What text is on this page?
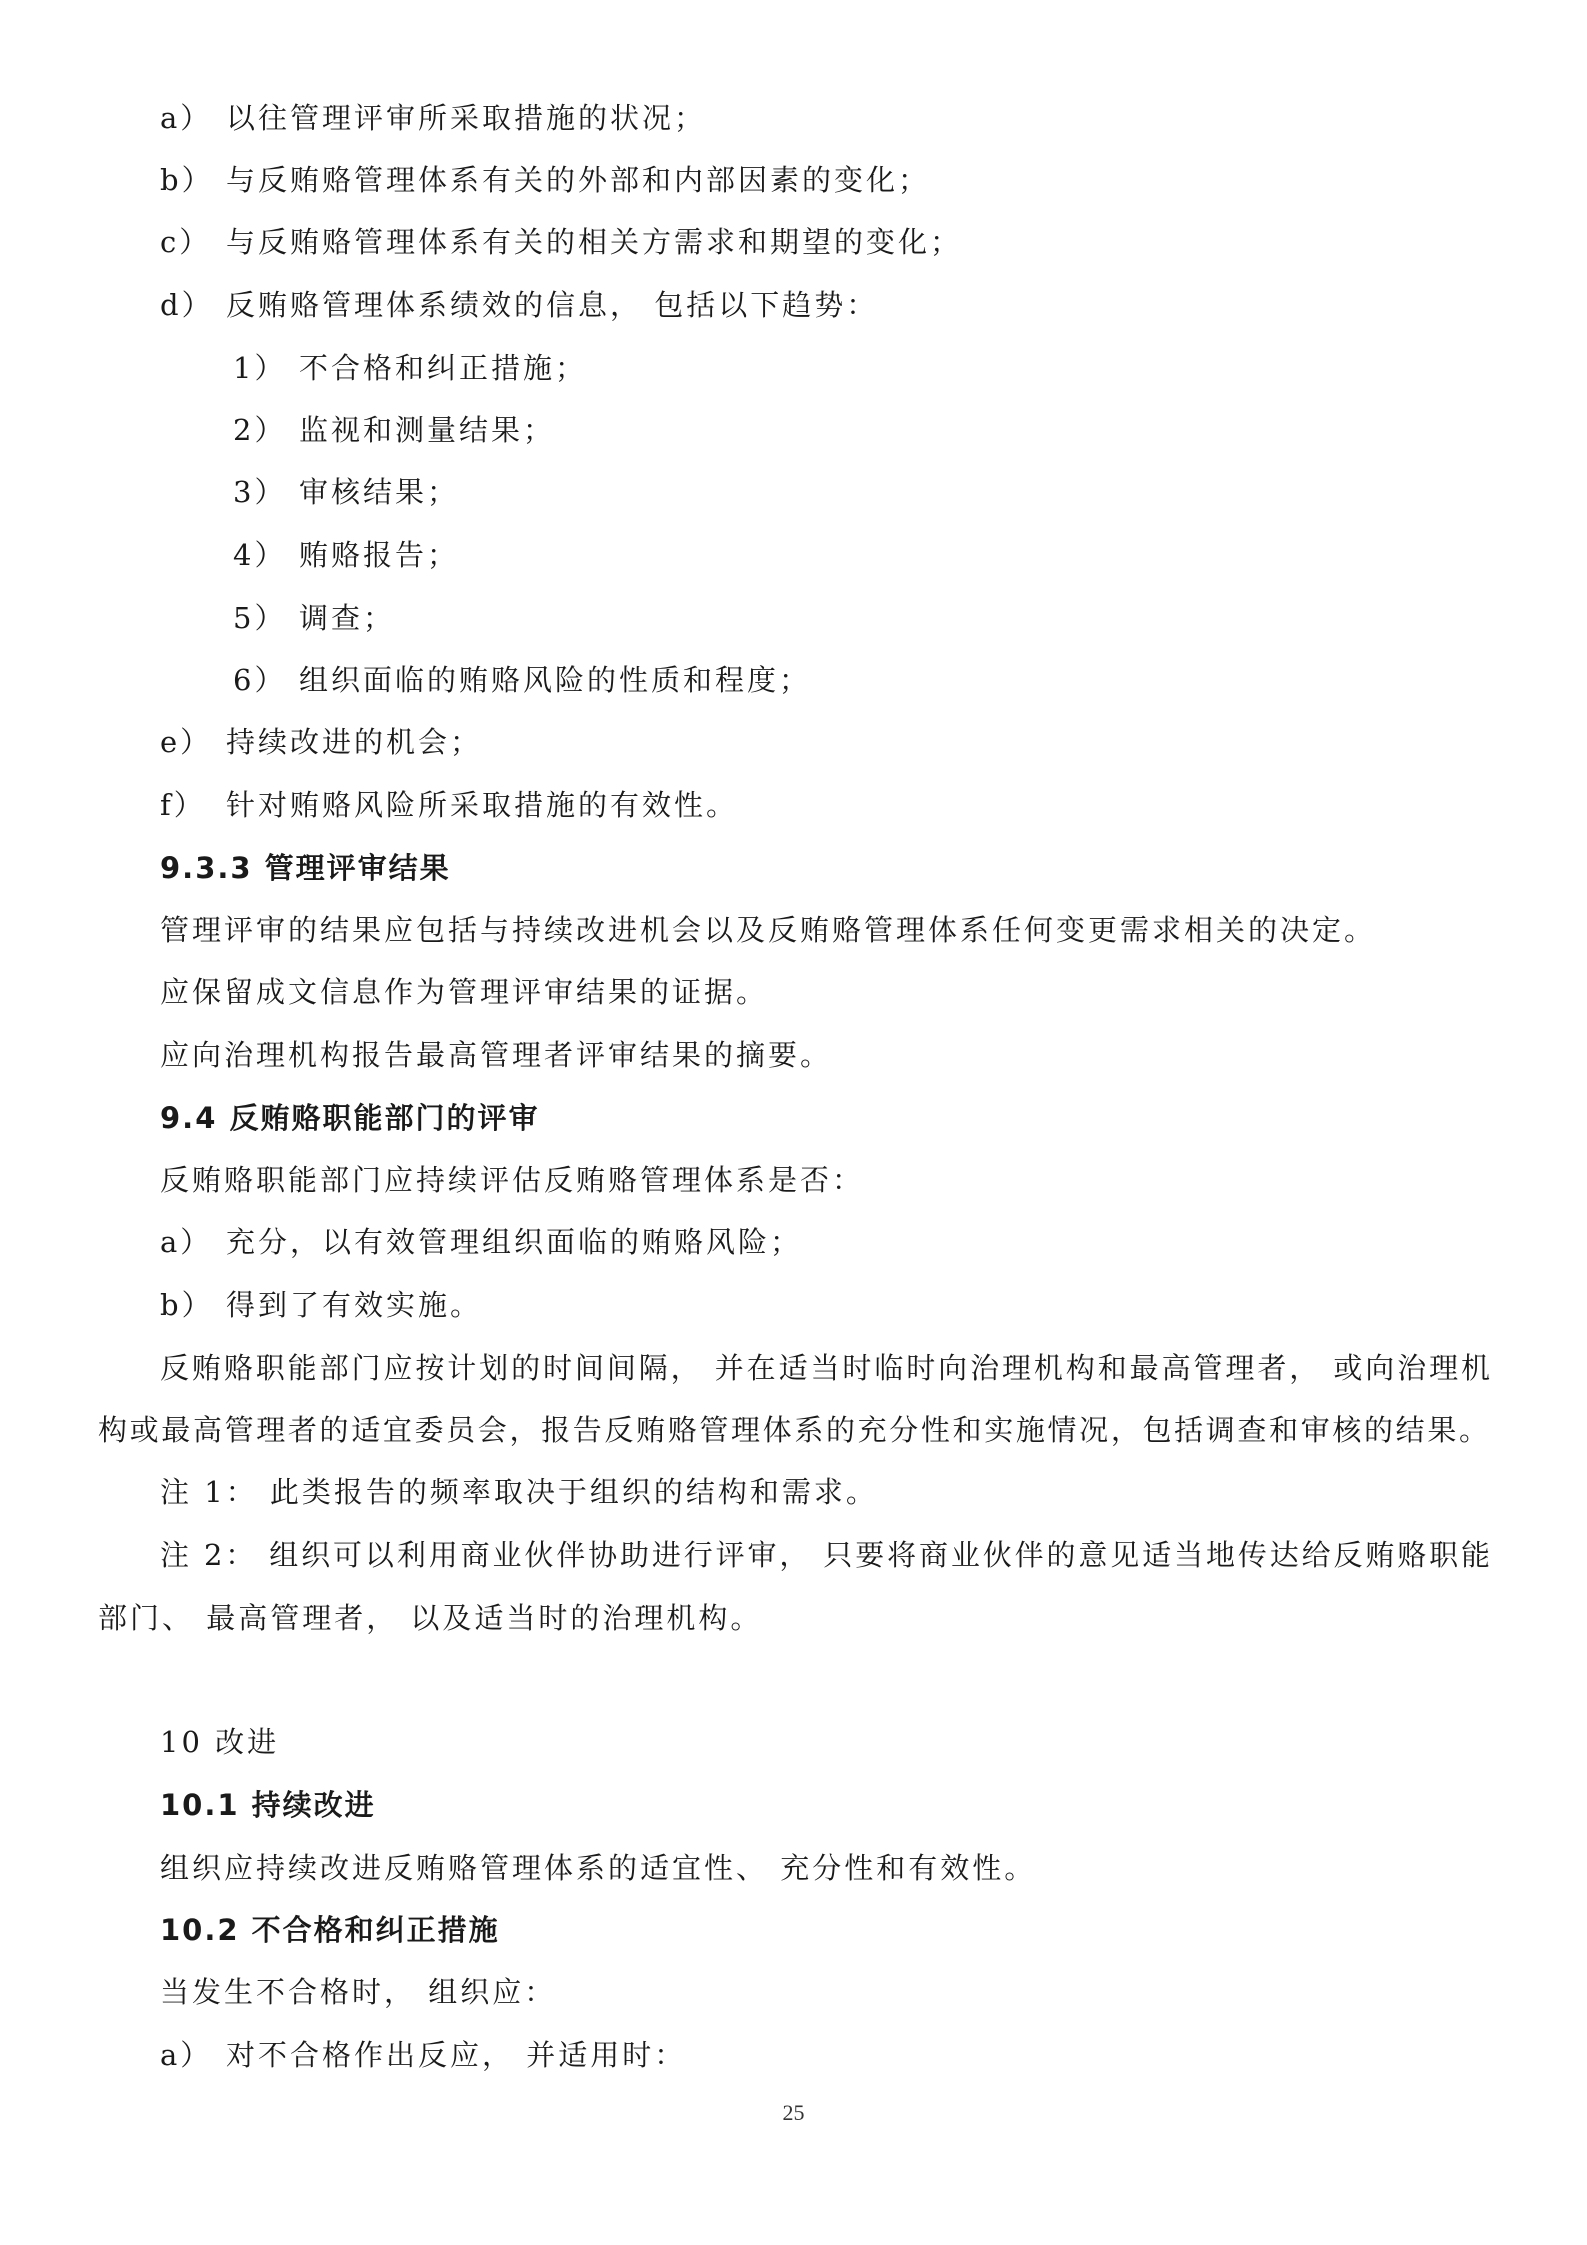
a） 以往管理评审所采取措施的状况；
b） 与反贿赂管理体系有关的外部和内部因素的变化；
c） 与反贿赂管理体系有关的相关方需求和期望的变化；
d） 反贿赂管理体系绩效的信息， 包括以下趋势：
1） 不合格和纠正措施；
2） 监视和测量结果；
3） 审核结果；
4） 贿赂报告；
5） 调查；
6） 组织面临的贿赂风险的性质和程度；
e） 持续改进的机会；
f） 针对贿赂风险所采取措施的有效性。
9.3.3 管理评审结果
管理评审的结果应包括与持续改进机会以及反贿赂管理体系任何变更需求相关的决定。
应保留成文信息作为管理评审结果的证据。
应向治理机构报告最高管理者评审结果的摘要。
9.4 反贿赂职能部门的评审
反贿赂职能部门应持续评估反贿赂管理体系是否：
a） 充分，以有效管理组织面临的贿赂风险；
b） 得到了有效实施。
反贿赂职能部门应按计划的时间间隔， 并在适当时临时向治理机构和最高管理者， 或向治理机
构或最高管理者的适宜委员会，报告反贿赂管理体系的充分性和实施情况，包括调查和审核的结果。
注 1： 此类报告的频率取决于组织的结构和需求。
注 2： 组织可以利用商业伙伴协助进行评审， 只要将商业伙伴的意见适当地传达给反贿赂职能
部门、 最高管理者， 以及适当时的治理机构。
10 改进
10.1 持续改进
组织应持续改进反贿赂管理体系的适宜性、 充分性和有效性。
10.2 不合格和纠正措施
当发生不合格时， 组织应：
a） 对不合格作出反应， 并适用时：
25
